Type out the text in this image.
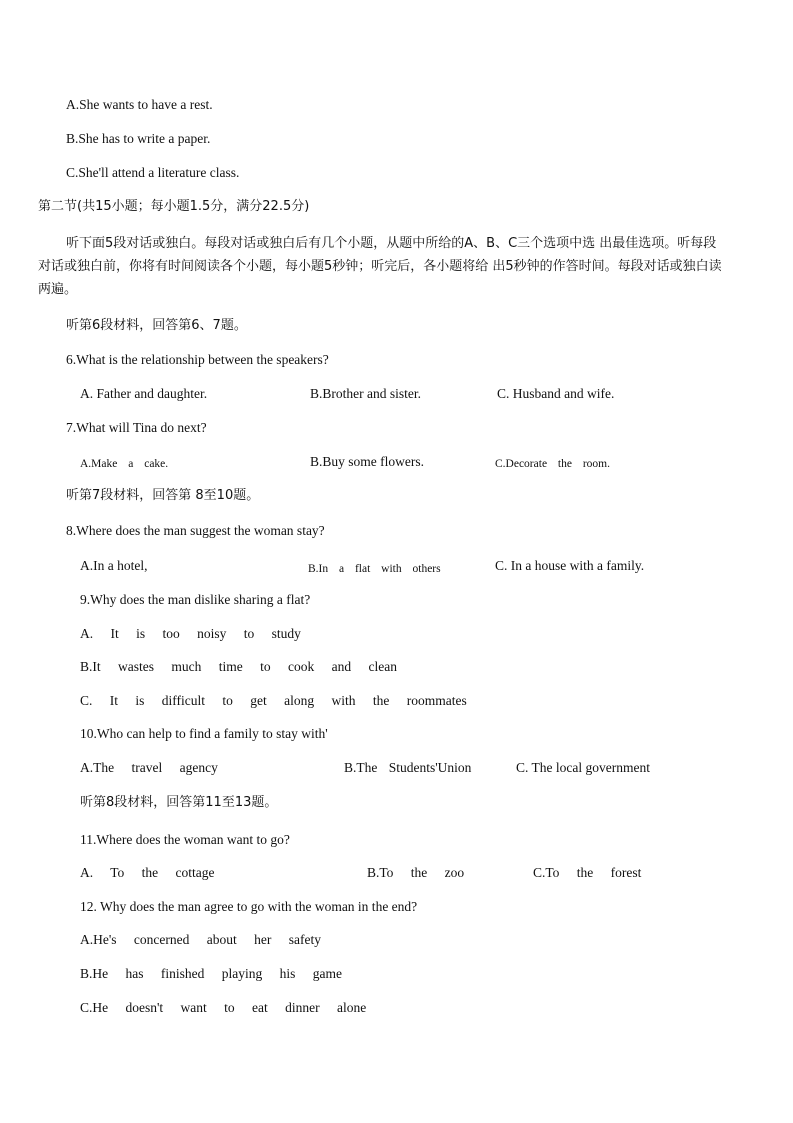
A.She wants to have a rest.
B.She has to write a paper.
C.She'll attend a literature class.
第二节(共15小题；每小题1.5分，满分22.5分)
听下面5段对话或独白。每段对话或独白后有几个小题，从题中所给的A、B、C三个选项中选 出最佳选项。听每段对话或独白前，你将有时间阅读各个小题，每小题5秒钟；听完后，各小题将给 出5秒钟的作答时间。每段对话或独白读两遍。
听第6段材料，回答第6、7题。
6.What is the relationship between the speakers?
A. Father and daughter.	B.Brother and sister.	C. Husband and wife.
7.What will Tina do next?
A.Make a cake.	B.Buy some flowers.	C.Decorate the room.
听第7段材料，回答第 8至10题。
8.Where does the man suggest the woman stay?
A.In a hotel,	B.In a flat with others	C. In a house with a family.
9.Why does the man dislike sharing a flat?
A. It is too noisy to study
B.It wastes much time to cook and clean
C. It is difficult to get along with the roommates
10.Who can help to find a family to stay with'
A.The travel agency	B.The Students'Union	C. The local government
听第8段材料，回答第11至13题。
11.Where does the woman want to go?
A. To the cottage	B.To the zoo	C.To the forest
12. Why does the man agree to go with the woman in the end?
A.He's concerned about her safety
B.He has finished playing his game
C.He doesn't want to eat dinner alone
